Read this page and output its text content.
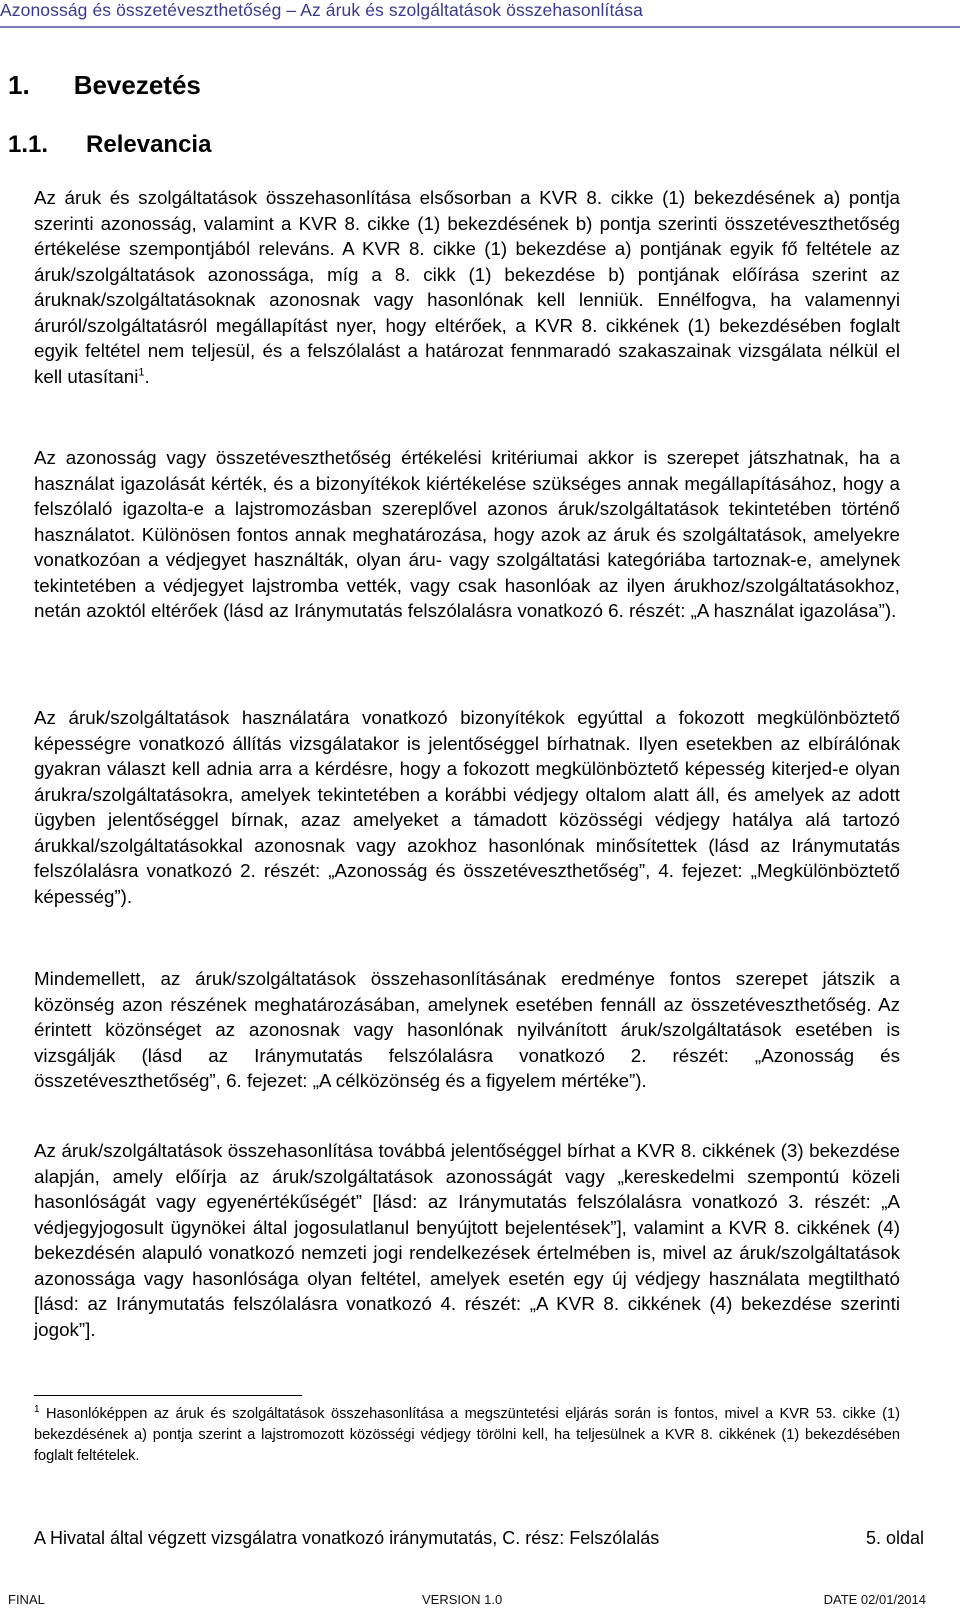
Azonosság és összetéveszthetőség – Az áruk és szolgáltatások összehasonlítása
1. Bevezetés
1.1. Relevancia

Az áruk és szolgáltatások összehasonlítása elsősorban a KVR 8. cikke (1) bekezdésének a) pontja szerinti azonosság, valamint a KVR 8. cikke (1) bekezdésének b) pontja szerinti összetéveszthetőség értékelése szempontjából releváns. A KVR 8. cikke (1) bekezdése a) pontjának egyik fő feltétele az áruk/szolgáltatások azonossága, míg a 8. cikk (1) bekezdése b) pontjának előírása szerint az áruknak/szolgáltatásoknak azonosnak vagy hasonlónak kell lenniük. Ennélfogva, ha valamennyi áruról/szolgáltatásról megállapítást nyer, hogy eltérőek, a KVR 8. cikkének (1) bekezdésében foglalt egyik feltétel nem teljesül, és a felszólalást a határozat fennmaradó szakaszainak vizsgálata nélkül el kell utasítani$^1$.

Az azonosság vagy összetéveszthetőség értékelési kritériumai akkor is szerepet játszhatnak, ha a használat igazolását kérték, és a bizonyítékok kiértékelése szükséges annak megállapításához, hogy a felszólaló igazolta-e a lajstromozásban szereplővel azonos áruk/szolgáltatások tekintetében történő használatot. Különösen fontos annak meghatározása, hogy azok az áruk és szolgáltatások, amelyekre vonatkozóan a védjegyet használták, olyan áru- vagy szolgáltatási kategóriába tartoznak-e, amelynek tekintetében a védjegyet lajstromba vették, vagy csak hasonlóak az ilyen árukhoz/szolgáltatásokhoz, netán azoktól eltérőek (lásd az Iránymutatás felszólalásra vonatkozó 6. részét: „A használat igazolása”).

Az áruk/szolgáltatások használatára vonatkozó bizonyítékok egyúttal a fokozott megkülönböztető képességre vonatkozó állítás vizsgálatakor is jelentőséggel bírhatnak. Ilyen esetekben az elbírálónak gyakran választ kell adnia arra a kérdésre, hogy a fokozott megkülönböztető képesség kiterjed-e olyan árukra/szolgáltatásokra, amelyek tekintetében a korábbi védjegy oltalom alatt áll, és amelyek az adott ügyben jelentőséggel bírnak, azaz amelyeket a támadott közösségi védjegy hatálya alá tartozó árukkal/szolgáltatásokkal azonosnak vagy azokhoz hasonlónak minősítettek (lásd az Iránymutatás felszólalásra vonatkozó 2. részét: „Azonosság és összetéveszthetőség”, 4. fejezet: „Megkülönböztető képesség”).

Mindemellett, az áruk/szolgáltatások összehasonlításának eredménye fontos szerepet játszik a közönség azon részének meghatározásában, amelynek esetében fennáll az összetéveszthetőség. Az érintett közönséget az azonosnak vagy hasonlónak nyilvánított áruk/szolgáltatások esetében is vizsgálják (lásd az Iránymutatás felszólalásra vonatkozó 2. részét: „Azonosság és összetéveszthetőség”, 6. fejezet: „A célközönség és a figyelem mértéke”).

Az áruk/szolgáltatások összehasonlítása továbbá jelentőséggel bírhat a KVR 8. cikkének (3) bekezdése alapján, amely előírja az áruk/szolgáltatások azonosságát vagy „kereskedelmi szempontú közeli hasonlóságát vagy egyenértékűségét” [lásd: az Iránymutatás felszólalásra vonatkozó 3. részét: „A védjegyjogosult ügynökei által jogosulatlanul benyújtott bejelentések”], valamint a KVR 8. cikkének (4) bekezdésén alapuló vonatkozó nemzeti jogi rendelkezések értelmében is, mivel az áruk/szolgáltatások azonossága vagy hasonlósága olyan feltétel, amelyek esetén egy új védjegy használata megtiltható [lásd: az Iránymutatás felszólalásra vonatkozó 4. részét: „A KVR 8. cikkének (4) bekezdése szerinti jogok”].

$^1$ Hasonlóképpen az áruk és szolgáltatások összehasonlítása a megszüntetési eljárás során is fontos, mivel a KVR 53. cikke (1) bekezdésének a) pontja szerint a lajstromozott közösségi védjegy törölni kell, ha teljesülnek a KVR 8. cikkének (1) bekezdésében foglalt feltételek.

A Hivatal által végzett vizsgálatra vonatkozó iránymutatás, C. rész: Felszólalás	5. oldal
FINAL	VERSION 1.0	DATE 02/01/2014
